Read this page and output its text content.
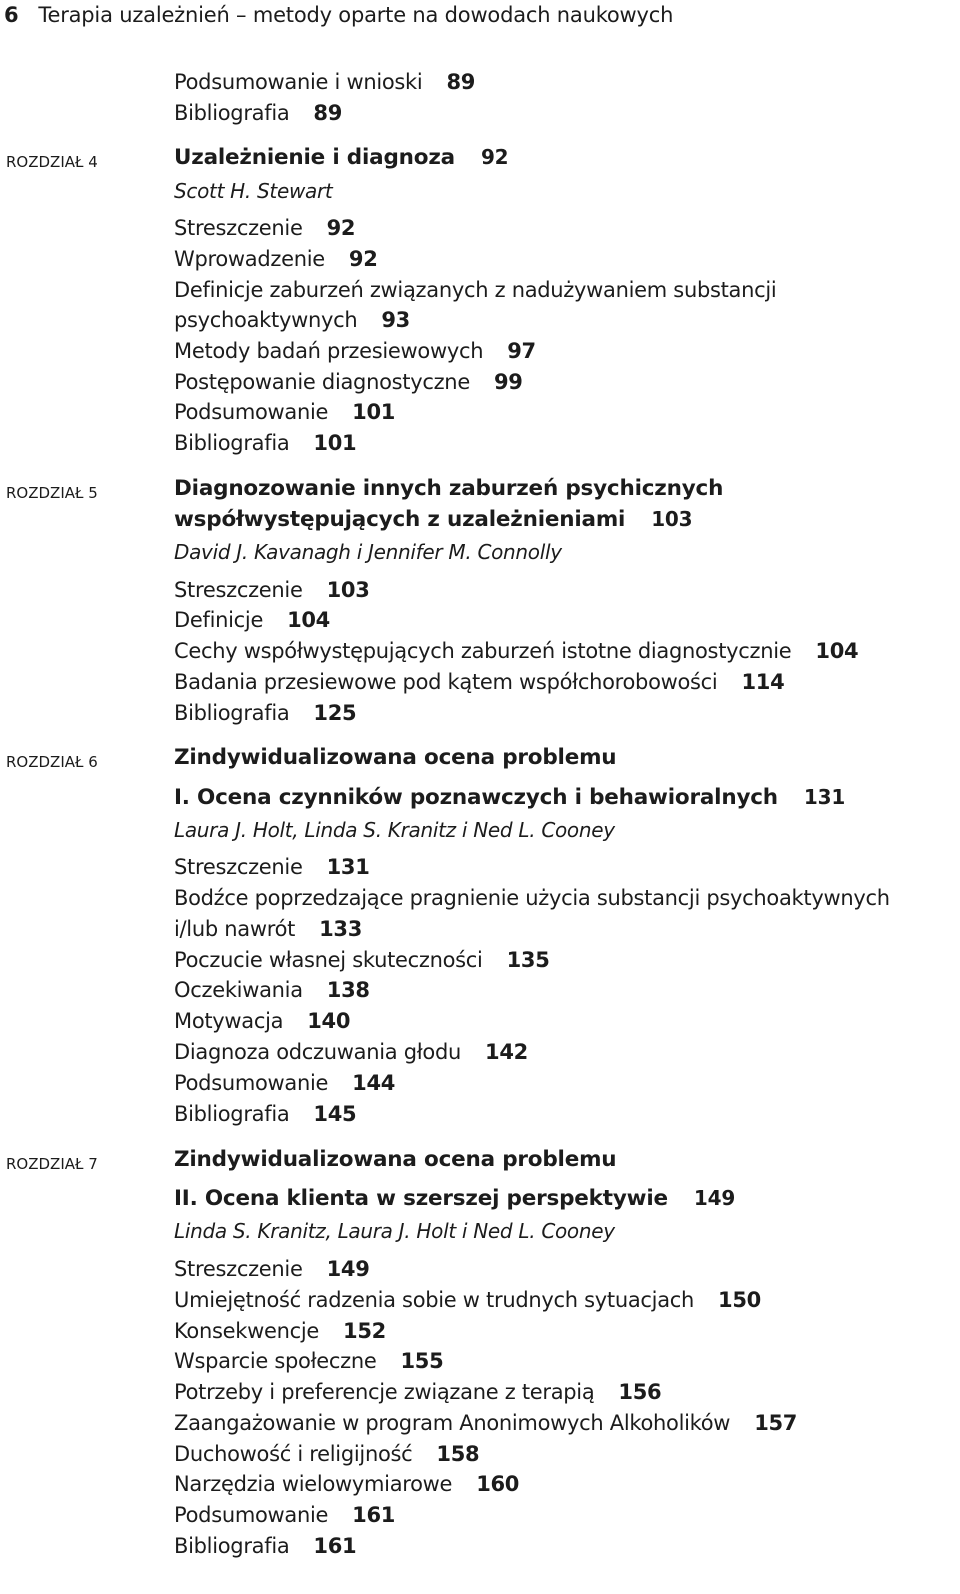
6 Terapia uzależnień – metody oparte na dowodach naukowych
Podsumowanie i wnioski 89
Bibliografia 89
ROZDZIAŁ 4	Uzależnienie i diagnoza 92
Scott H. Stewart
Streszczenie 92
Wprowadzenie 92
Definicje zaburzeń związanych z nadużywaniem substancji
psychoaktywnych 93
Metody badań przesiewowych 97
Postępowanie diagnostyczne 99
Podsumowanie 101
Bibliografia 101
ROZDZIAŁ 5	Diagnozowanie innych zaburzeń psychicznych
współwystępujących z uzależnieniami 103
David J. Kavanagh i Jennifer M. Connolly
Streszczenie 103
Definicje 104
Cechy współwystępujących zaburzeń istotne diagnostycznie 104
Badania przesiewowe pod kątem współchorobowości 114
Bibliografia 125
ROZDZIAŁ 6	Zindywidualizowana ocena problemu
I. Ocena czynników poznawczych i behawioralnych 131
Laura J. Holt, Linda S. Kranitz i Ned L. Cooney
Streszczenie 131
Bodźce poprzedzające pragnienie użycia substancji psychoaktywnych
i/lub nawrót 133
Poczucie własnej skuteczności 135
Oczekiwania 138
Motywacja 140
Diagnoza odczuwania głodu 142
Podsumowanie 144
Bibliografia 145
ROZDZIAŁ 7	Zindywidualizowana ocena problemu
II. Ocena klienta w szerszej perspektywie 149
Linda S. Kranitz, Laura J. Holt i Ned L. Cooney
Streszczenie 149
Umiejętność radzenia sobie w trudnych sytuacjach 150
Konsekwencje 152
Wsparcie społeczne 155
Potrzeby i preferencje związane z terapią 156
Zaangażowanie w program Anonimowych Alkoholików 157
Duchowość i religijność 158
Narzędzia wielowymiarowe 160
Podsumowanie 161
Bibliografia 161
